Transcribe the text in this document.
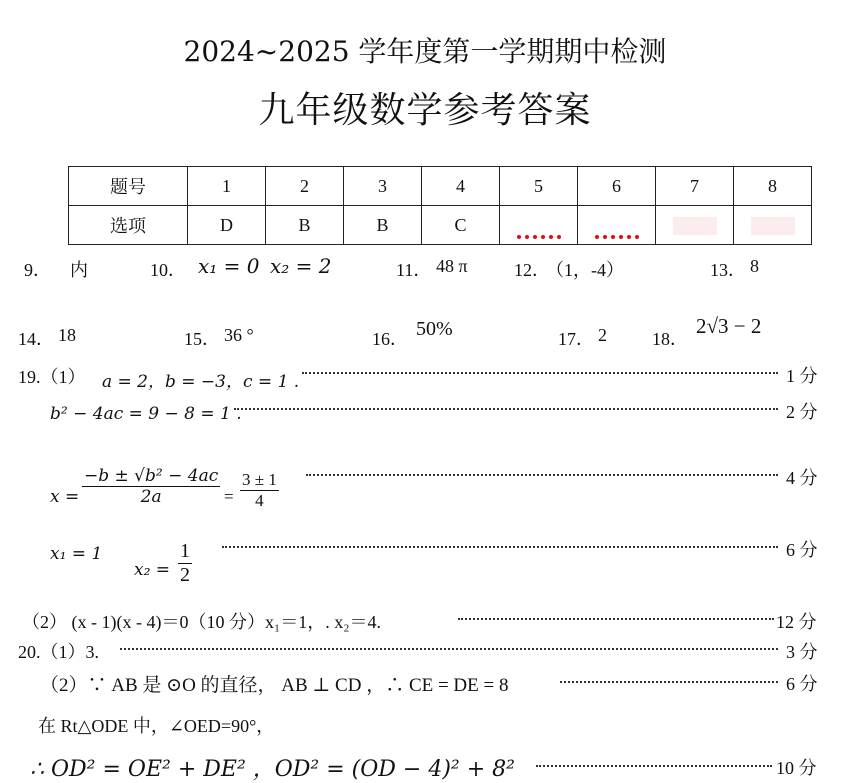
2024~2025 学年度第一学期期中检测
九年级数学参考答案
题号	1	2	3	4	5	6	7	8
选项	D	B	B	C				
9． 内	10． x₁ = 0 x₂ = 2	11． 48 π	12．
（1，-4）	13． 8
14． 18	15． 36 °	16． 50%	17． 2	18．
2√3 − 2
19.（1） a = 2，b = −3，c = 1 .	1 分
b² − 4ac = 9 − 8 = 1 .	2 分
$x = \frac{\text{−b ± √b² − 4ac}}{2a} = \frac{3 \pm 1}{4}$	4 分
x₁ = 1
$x_2 = \frac{1}{2}$	6 分
（2） (x - 1)(x - 4)＝0（10 分）x₁＝1，. x₂＝4.	12 分
20.（1）3.	3 分
（2）∵ AB 是 ⊙O 的直径， AB ⊥ CD ，∴ CE = DE = 8	6 分
在 Rt△ODE 中，∠OED=90°，
∴ OD² = OE² + DE² ，OD² = (OD − 4)² + 8²	10 分
